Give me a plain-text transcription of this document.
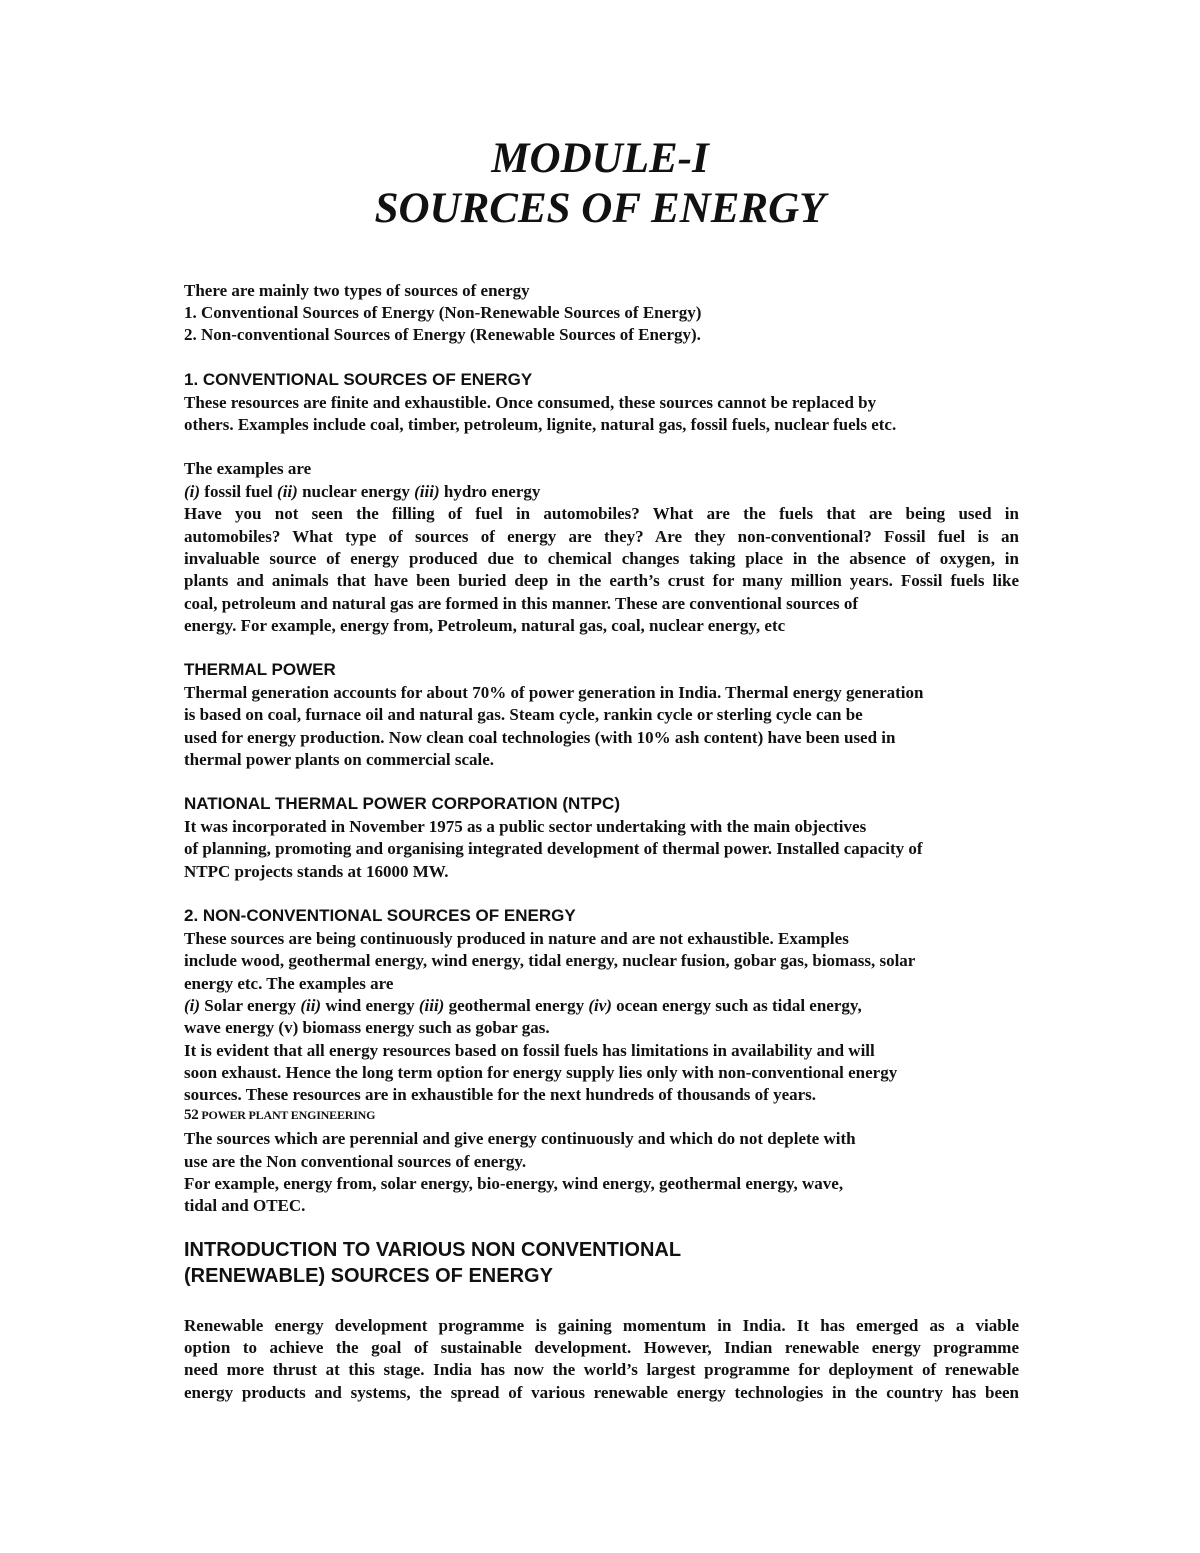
MODULE-I
SOURCES OF ENERGY

There are mainly two types of sources of energy

1. Conventional Sources of Energy (Non-Renewable Sources of Energy)

2. Non-conventional Sources of Energy (Renewable Sources of Energy).

1. CONVENTIONAL SOURCES OF ENERGY

These resources are finite and exhaustible. Once consumed, these sources cannot be replaced by

others. Examples include coal, timber, petroleum, lignite, natural gas, fossil fuels, nuclear fuels etc.

The examples are

(i) fossil fuel (ii) nuclear energy (iii) hydro energy

Have you not seen the filling of fuel in automobiles? What are the fuels that are being used in

automobiles? What type of sources of energy are they? Are they non-conventional? Fossil fuel is an

invaluable source of energy produced due to chemical changes taking place in the absence of oxygen, in

plants and animals that have been buried deep in the earth’s crust for many million years. Fossil fuels like

coal, petroleum and natural gas are formed in this manner. These are conventional sources of

energy. For example, energy from, Petroleum, natural gas, coal, nuclear energy, etc

THERMAL POWER

Thermal generation accounts for about 70% of power generation in India. Thermal energy generation

is based on coal, furnace oil and natural gas. Steam cycle, rankin cycle or sterling cycle can be

used for energy production. Now clean coal technologies (with 10% ash content) have been used in

thermal power plants on commercial scale.

NATIONAL THERMAL POWER CORPORATION (NTPC)

It was incorporated in November 1975 as a public sector undertaking with the main objectives

of planning, promoting and organising integrated development of thermal power. Installed capacity of

NTPC projects stands at 16000 MW.

2. NON-CONVENTIONAL SOURCES OF ENERGY

These sources are being continuously produced in nature and are not exhaustible. Examples

include wood, geothermal energy, wind energy, tidal energy, nuclear fusion, gobar gas, biomass, solar

energy etc. The examples are

(i) Solar energy (ii) wind energy (iii) geothermal energy (iv) ocean energy such as tidal energy,

wave energy (v) biomass energy such as gobar gas.

It is evident that all energy resources based on fossil fuels has limitations in availability and will

soon exhaust. Hence the long term option for energy supply lies only with non-conventional energy

sources. These resources are in exhaustible for the next hundreds of thousands of years.

52 POWER PLANT ENGINEERING

The sources which are perennial and give energy continuously and which do not deplete with

use are the Non conventional sources of energy.

For example, energy from, solar energy, bio-energy, wind energy, geothermal energy, wave,

tidal and OTEC.

INTRODUCTION TO VARIOUS NON CONVENTIONAL
(RENEWABLE) SOURCES OF ENERGY

Renewable energy development programme is gaining momentum in India. It has emerged as a viable

option to achieve the goal of sustainable development. However, Indian renewable energy programme

need more thrust at this stage. India has now the world’s largest programme for deployment of renewable

energy products and systems, the spread of various renewable energy technologies in the country has been
